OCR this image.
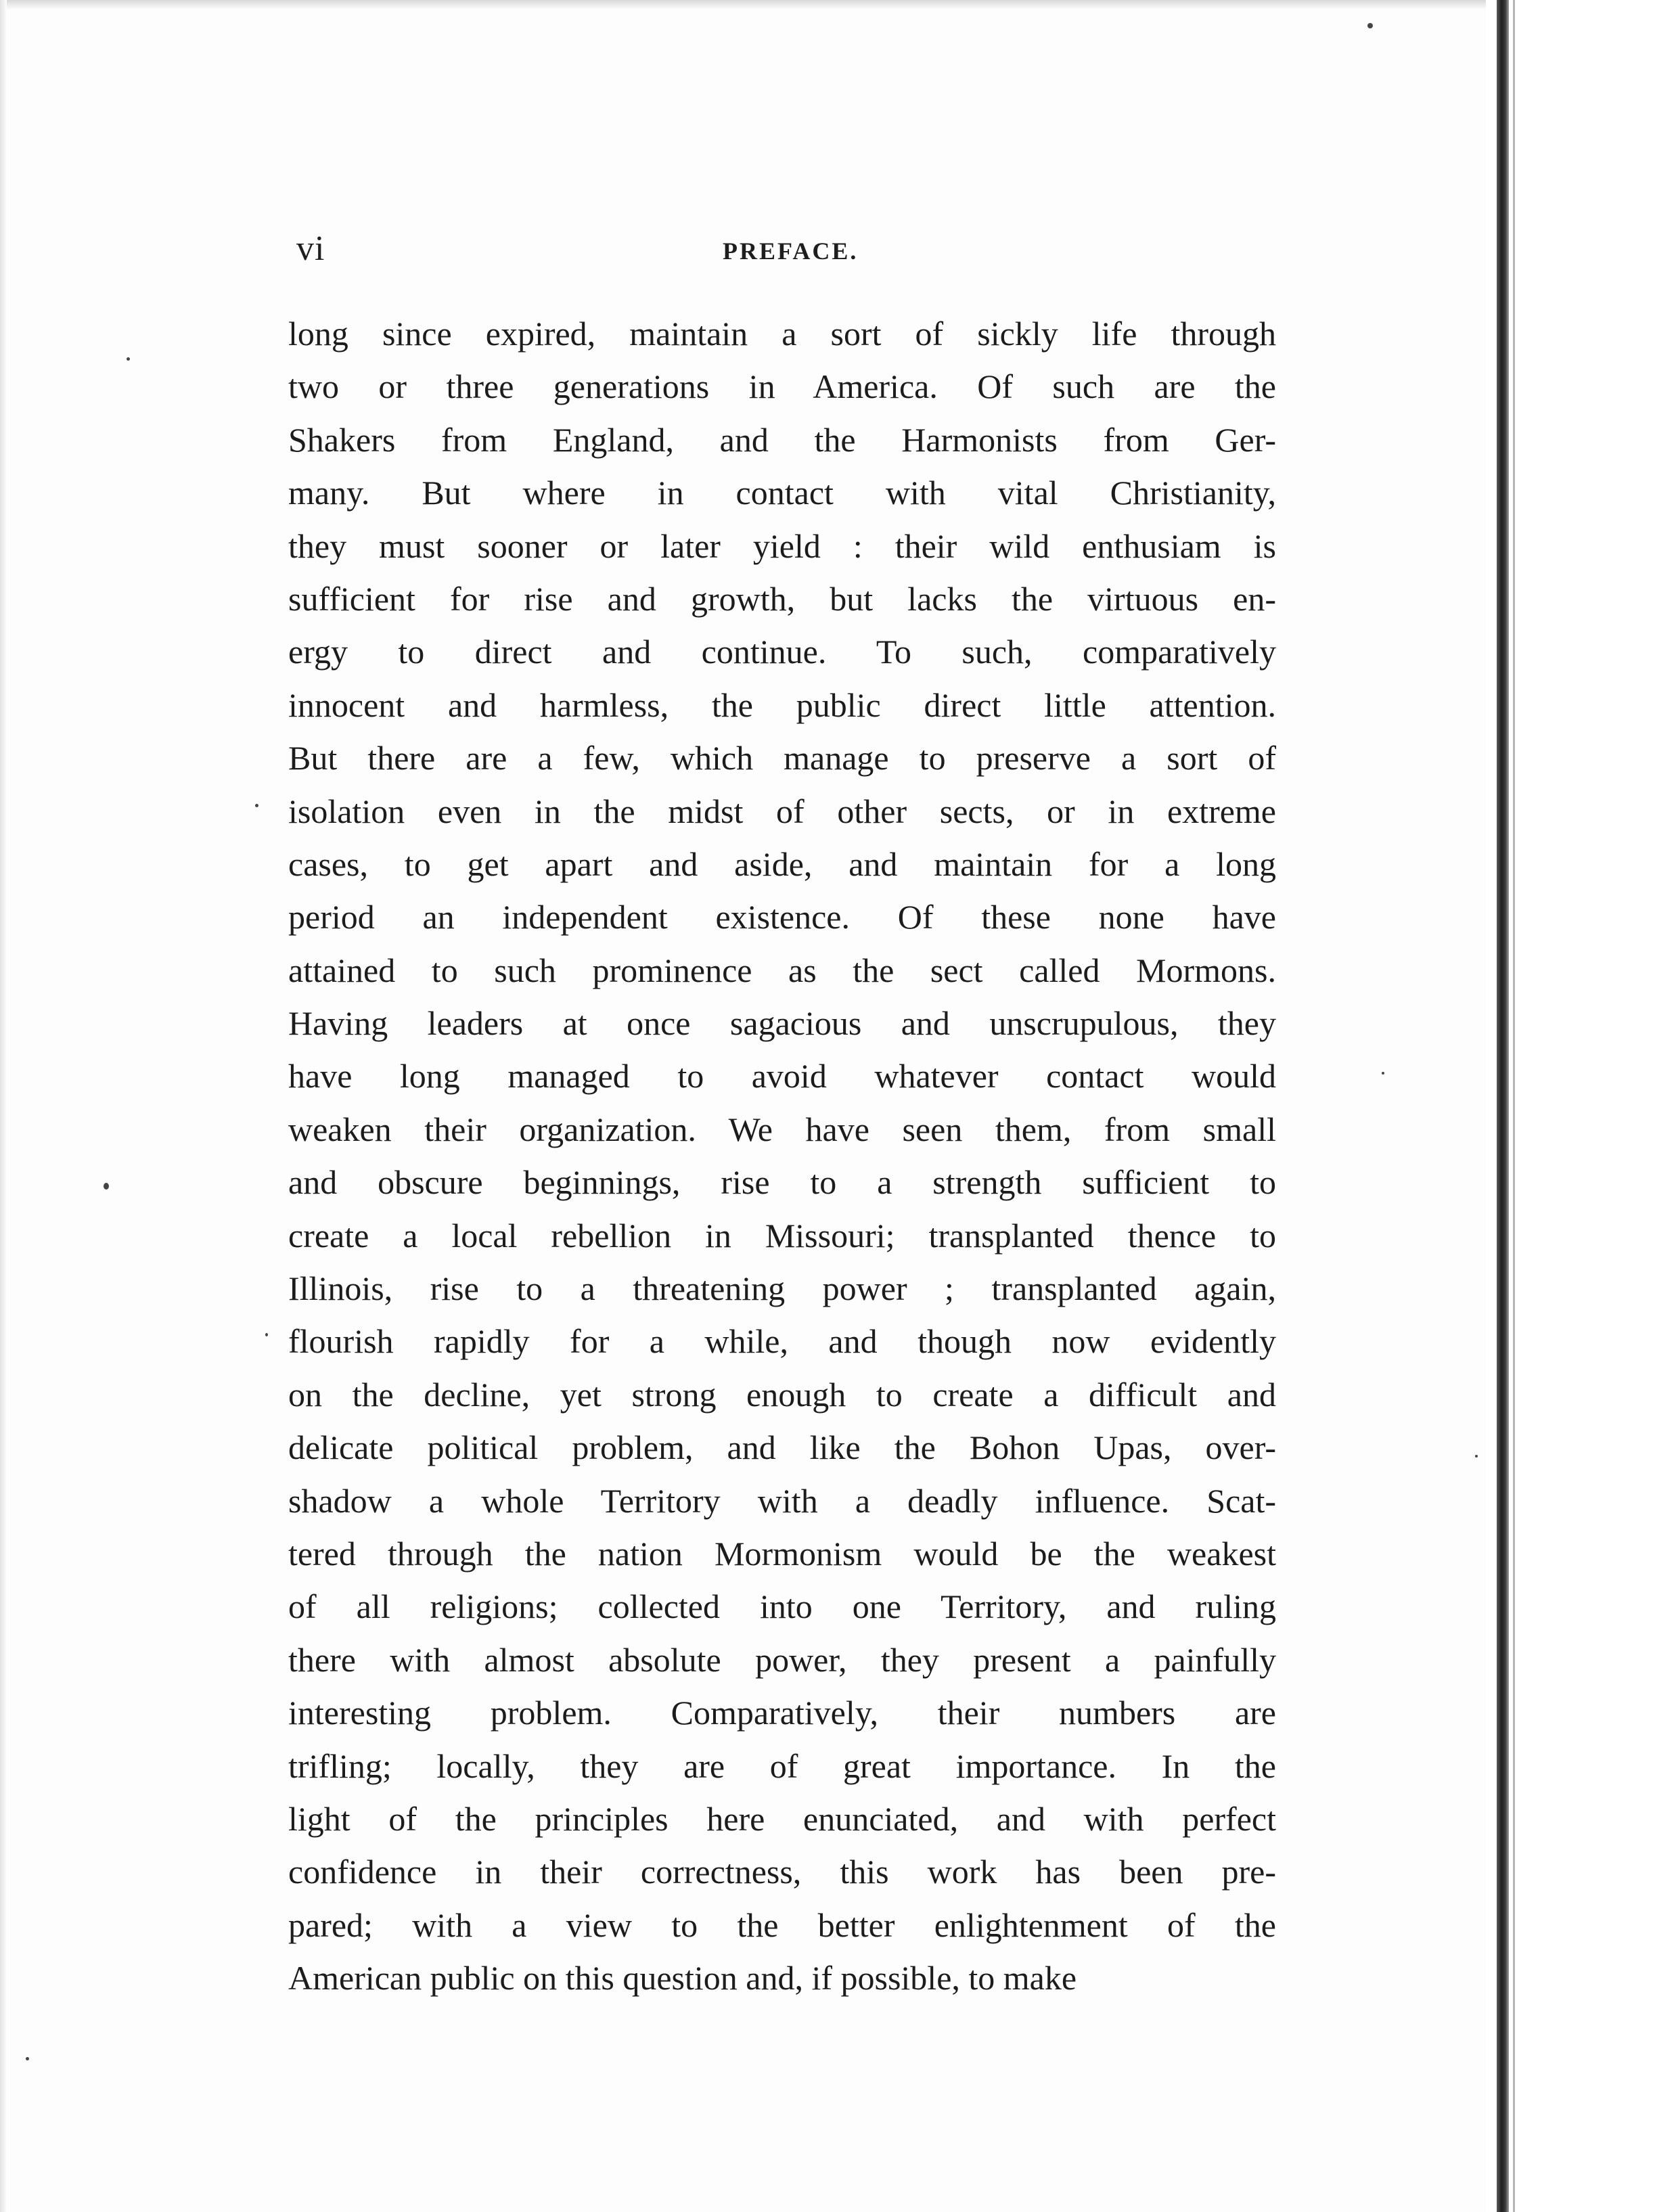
vi	PREFACE.
long since expired, maintain a sort of sickly life through
two or three generations in America. Of such are the
Shakers from England, and the Harmonists from Ger-
many. But where in contact with vital Christianity,
they must sooner or later yield : their wild enthusiam is
sufficient for rise and growth, but lacks the virtuous en-
ergy to direct and continue. To such, comparatively
innocent and harmless, the public direct little attention.
But there are a few, which manage to preserve a sort of
isolation even in the midst of other sects, or in extreme
cases, to get apart and aside, and maintain for a long
period an independent existence. Of these none have
attained to such prominence as the sect called Mormons.
Having leaders at once sagacious and unscrupulous, they
have long managed to avoid whatever contact would
weaken their organization. We have seen them, from small
and obscure beginnings, rise to a strength sufficient to
create a local rebellion in Missouri; transplanted thence to
Illinois, rise to a threatening power ; transplanted again,
flourish rapidly for a while, and though now evidently
on the decline, yet strong enough to create a difficult and
delicate political problem, and like the Bohon Upas, over-
shadow a whole Territory with a deadly influence. Scat-
tered through the nation Mormonism would be the weakest
of all religions; collected into one Territory, and ruling
there with almost absolute power, they present a painfully
interesting problem. Comparatively, their numbers are
trifling; locally, they are of great importance. In the
light of the principles here enunciated, and with perfect
confidence in their correctness, this work has been pre-
pared; with a view to the better enlightenment of the
American public on this question and, if possible, to make
